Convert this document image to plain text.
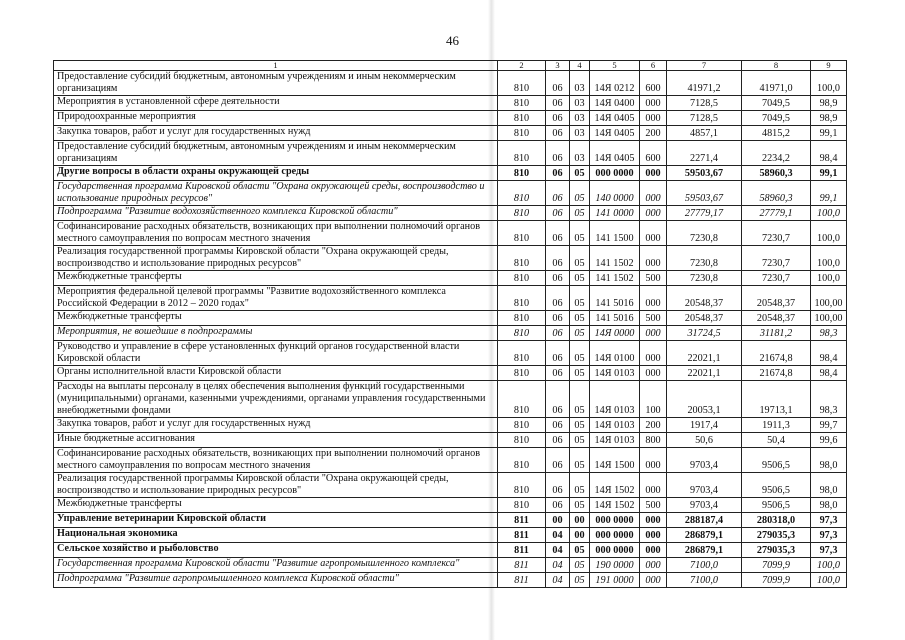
46
1	2	3	4	5	6	7	8	9
Предоставление субсидий бюджетным, автономным учреждениям и иным некоммерческим организациям	810	06	03	14Я 0212	600	41971,2	41971,0	100,0
Мероприятия в установленной сфере деятельности	810	06	03	14Я 0400	000	7128,5	7049,5	98,9
Природоохранные мероприятия	810	06	03	14Я 0405	000	7128,5	7049,5	98,9
Закупка товаров, работ и услуг для государственных нужд	810	06	03	14Я 0405	200	4857,1	4815,2	99,1
Предоставление субсидий бюджетным, автономным учреждениям и иным некоммерческим организациям	810	06	03	14Я 0405	600	2271,4	2234,2	98,4
Другие вопросы в области охраны окружающей среды	810	06	05	000 0000	000	59503,67	58960,3	99,1
Государственная программа Кировской области "Охрана окружающей среды, воспроизводство и использование природных ресурсов"	810	06	05	140 0000	000	59503,67	58960,3	99,1
Подпрограмма "Развитие водохозяйственного комплекса Кировской области"	810	06	05	141 0000	000	27779,17	27779,1	100,0
Софинансирование расходных обязательств, возникающих при выполнении полномочий органов местного самоуправления по вопросам местного значения	810	06	05	141 1500	000	7230,8	7230,7	100,0
Реализация государственной программы Кировской области "Охрана окружающей среды, воспроизводство и использование природных ресурсов"	810	06	05	141 1502	000	7230,8	7230,7	100,0
Межбюджетные трансферты	810	06	05	141 1502	500	7230,8	7230,7	100,0
Мероприятия федеральной целевой программы "Развитие водохозяйственного комплекса Российской Федерации в 2012 – 2020 годах"	810	06	05	141 5016	000	20548,37	20548,37	100,00
Межбюджетные трансферты	810	06	05	141 5016	500	20548,37	20548,37	100,00
Мероприятия, не вошедшие в подпрограммы	810	06	05	14Я 0000	000	31724,5	31181,2	98,3
Руководство и управление в сфере установленных функций органов государственной власти Кировской области	810	06	05	14Я 0100	000	22021,1	21674,8	98,4
Органы исполнительной власти Кировской области	810	06	05	14Я 0103	000	22021,1	21674,8	98,4
Расходы на выплаты персоналу в целях обеспечения выполнения функций государственными (муниципальными) органами, казенными учреждениями, органами управления государственными внебюджетными фондами	810	06	05	14Я 0103	100	20053,1	19713,1	98,3
Закупка товаров, работ и услуг для государственных нужд	810	06	05	14Я 0103	200	1917,4	1911,3	99,7
Иные бюджетные ассигнования	810	06	05	14Я 0103	800	50,6	50,4	99,6
Софинансирование расходных обязательств, возникающих при выполнении полномочий органов местного самоуправления по вопросам местного значения	810	06	05	14Я 1500	000	9703,4	9506,5	98,0
Реализация государственной программы Кировской области "Охрана окружающей среды, воспроизводство и использование природных ресурсов"	810	06	05	14Я 1502	000	9703,4	9506,5	98,0
Межбюджетные трансферты	810	06	05	14Я 1502	500	9703,4	9506,5	98,0
Управление ветеринарии Кировской области	811	00	00	000 0000	000	288187,4	280318,0	97,3
Национальная экономика	811	04	00	000 0000	000	286879,1	279035,3	97,3
Сельское хозяйство и рыболовство	811	04	05	000 0000	000	286879,1	279035,3	97,3
Государственная программа Кировской области "Развитие агропромышленного комплекса"	811	04	05	190 0000	000	7100,0	7099,9	100,0
Подпрограмма "Развитие агропромышленного комплекса Кировской области"	811	04	05	191 0000	000	7100,0	7099,9	100,0
